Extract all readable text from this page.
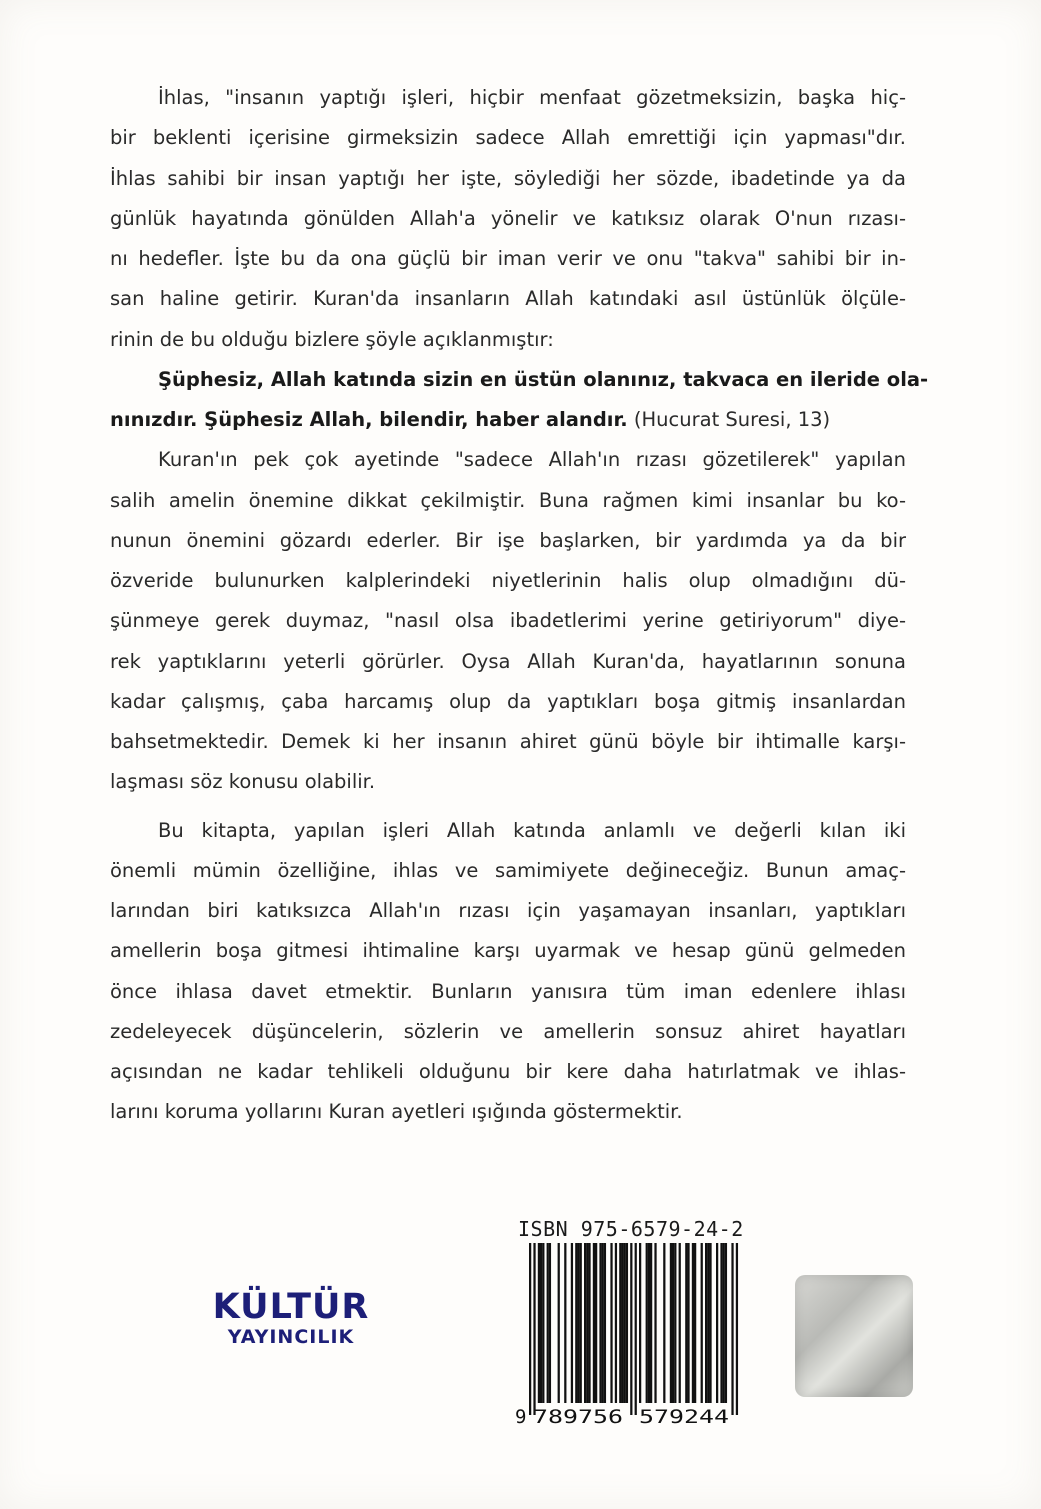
İhlas, "insanın yaptığı işleri, hiçbir menfaat gözetmeksizin, başka hiç-
bir beklenti içerisine girmeksizin sadece Allah emrettiği için yapması"dır.
İhlas sahibi bir insan yaptığı her işte, söylediği her sözde, ibadetinde ya da
günlük hayatında gönülden Allah'a yönelir ve katıksız olarak O'nun rızası-
nı hedefler. İşte bu da ona güçlü bir iman verir ve onu "takva" sahibi bir in-
san haline getirir. Kuran'da insanların Allah katındaki asıl üstünlük ölçüle-
rinin de bu olduğu bizlere şöyle açıklanmıştır:
Şüphesiz, Allah katında sizin en üstün olanınız, takvaca en ileride ola-
nınızdır. Şüphesiz Allah, bilendir, haber alandır. (Hucurat Suresi, 13)
Kuran'ın pek çok ayetinde "sadece Allah'ın rızası gözetilerek" yapılan
salih amelin önemine dikkat çekilmiştir. Buna rağmen kimi insanlar bu ko-
nunun önemini gözardı ederler. Bir işe başlarken, bir yardımda ya da bir
özveride bulunurken kalplerindeki niyetlerinin halis olup olmadığını dü-
şünmeye gerek duymaz, "nasıl olsa ibadetlerimi yerine getiriyorum" diye-
rek yaptıklarını yeterli görürler. Oysa Allah Kuran'da, hayatlarının sonuna
kadar çalışmış, çaba harcamış olup da yaptıkları boşa gitmiş insanlardan
bahsetmektedir. Demek ki her insanın ahiret günü böyle bir ihtimalle karşı-
laşması söz konusu olabilir.
Bu kitapta, yapılan işleri Allah katında anlamlı ve değerli kılan iki
önemli mümin özelliğine, ihlas ve samimiyete değineceğiz. Bunun amaç-
larından biri katıksızca Allah'ın rızası için yaşamayan insanları, yaptıkları
amellerin boşa gitmesi ihtimaline karşı uyarmak ve hesap günü gelmeden
önce ihlasa davet etmektir. Bunların yanısıra tüm iman edenlere ihlası
zedeleyecek düşüncelerin, sözlerin ve amellerin sonsuz ahiret hayatları
açısından ne kadar tehlikeli olduğunu bir kere daha hatırlatmak ve ihlas-
larını koruma yollarını Kuran ayetleri ışığında göstermektir.
KÜLTÜR
YAYINCILIK
ISBN 975-6579-24-2
9 789756 579244
